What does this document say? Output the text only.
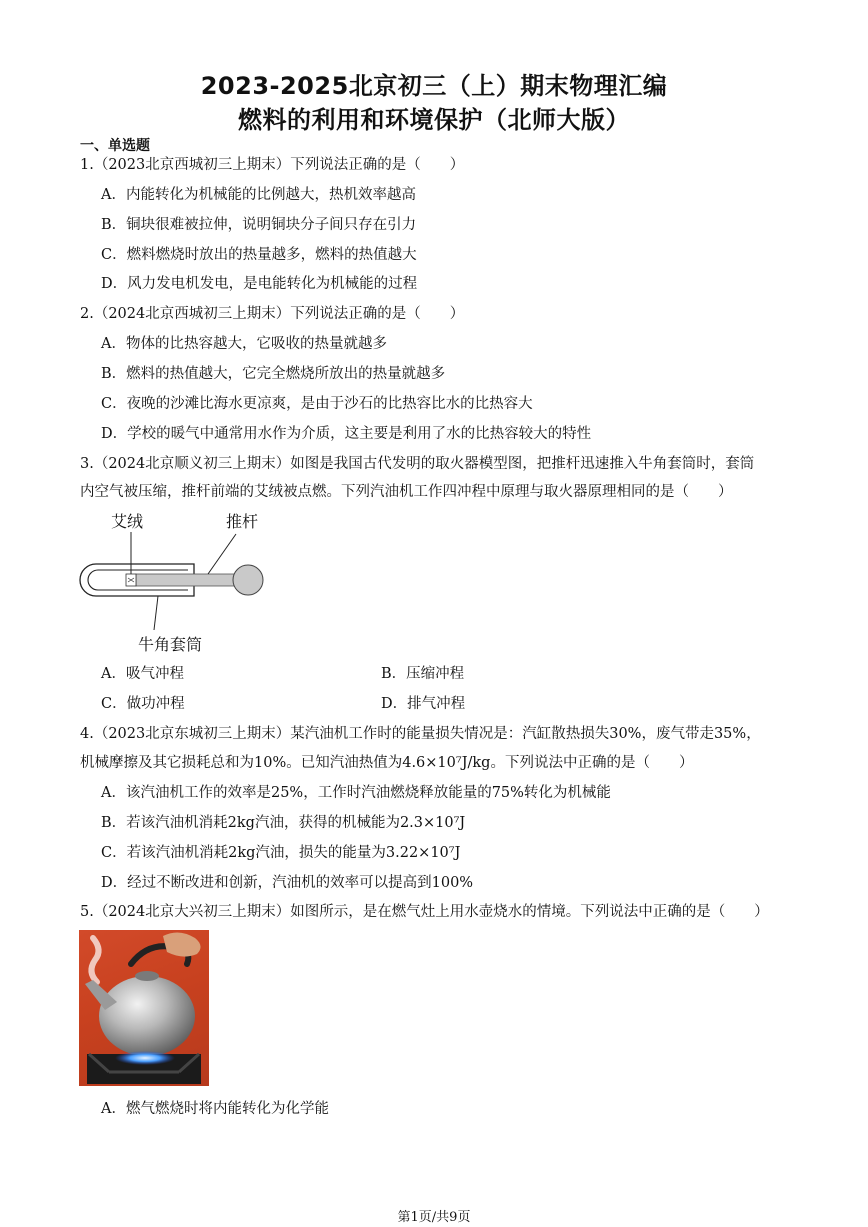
2023-2025北京初三（上）期末物理汇编
燃料的利用和环境保护（北师大版）
一、单选题
1.（2023北京西城初三上期末）下列说法正确的是（　　）
A．内能转化为机械能的比例越大，热机效率越高
B．铜块很难被拉伸，说明铜块分子间只存在引力
C．燃料燃烧时放出的热量越多，燃料的热值越大
D．风力发电机发电，是电能转化为机械能的过程
2.（2024北京西城初三上期末）下列说法正确的是（　　）
A．物体的比热容越大，它吸收的热量就越多
B．燃料的热值越大，它完全燃烧所放出的热量就越多
C．夜晚的沙滩比海水更凉爽，是由于沙石的比热容比水的比热容大
D．学校的暖气中通常用水作为介质，这主要是利用了水的比热容较大的特性
3.（2024北京顺义初三上期末）如图是我国古代发明的取火器模型图，把推杆迅速推入牛角套筒时，套筒
内空气被压缩，推杆前端的艾绒被点燃。下列汽油机工作四冲程中原理与取火器原理相同的是（　　）
艾绒	推杆
牛角套筒
A．吸气冲程	B．压缩冲程
C．做功冲程	D．排气冲程
4.（2023北京东城初三上期末）某汽油机工作时的能量损失情况是：汽缸散热损失30%，废气带走35%，
机械摩擦及其它损耗总和为10%。已知汽油热值为4.6×10⁷J/kg。下列说法中正确的是（　　）
A．该汽油机工作的效率是25%，工作时汽油燃烧释放能量的75%转化为机械能
B．若该汽油机消耗2kg汽油，获得的机械能为2.3×10⁷J
C．若该汽油机消耗2kg汽油，损失的能量为3.22×10⁷J
D．经过不断改进和创新，汽油机的效率可以提高到100%
5.（2024北京大兴初三上期末）如图所示，是在燃气灶上用水壶烧水的情境。下列说法中正确的是（　　）
A．燃气燃烧时将内能转化为化学能
第1页/共9页
